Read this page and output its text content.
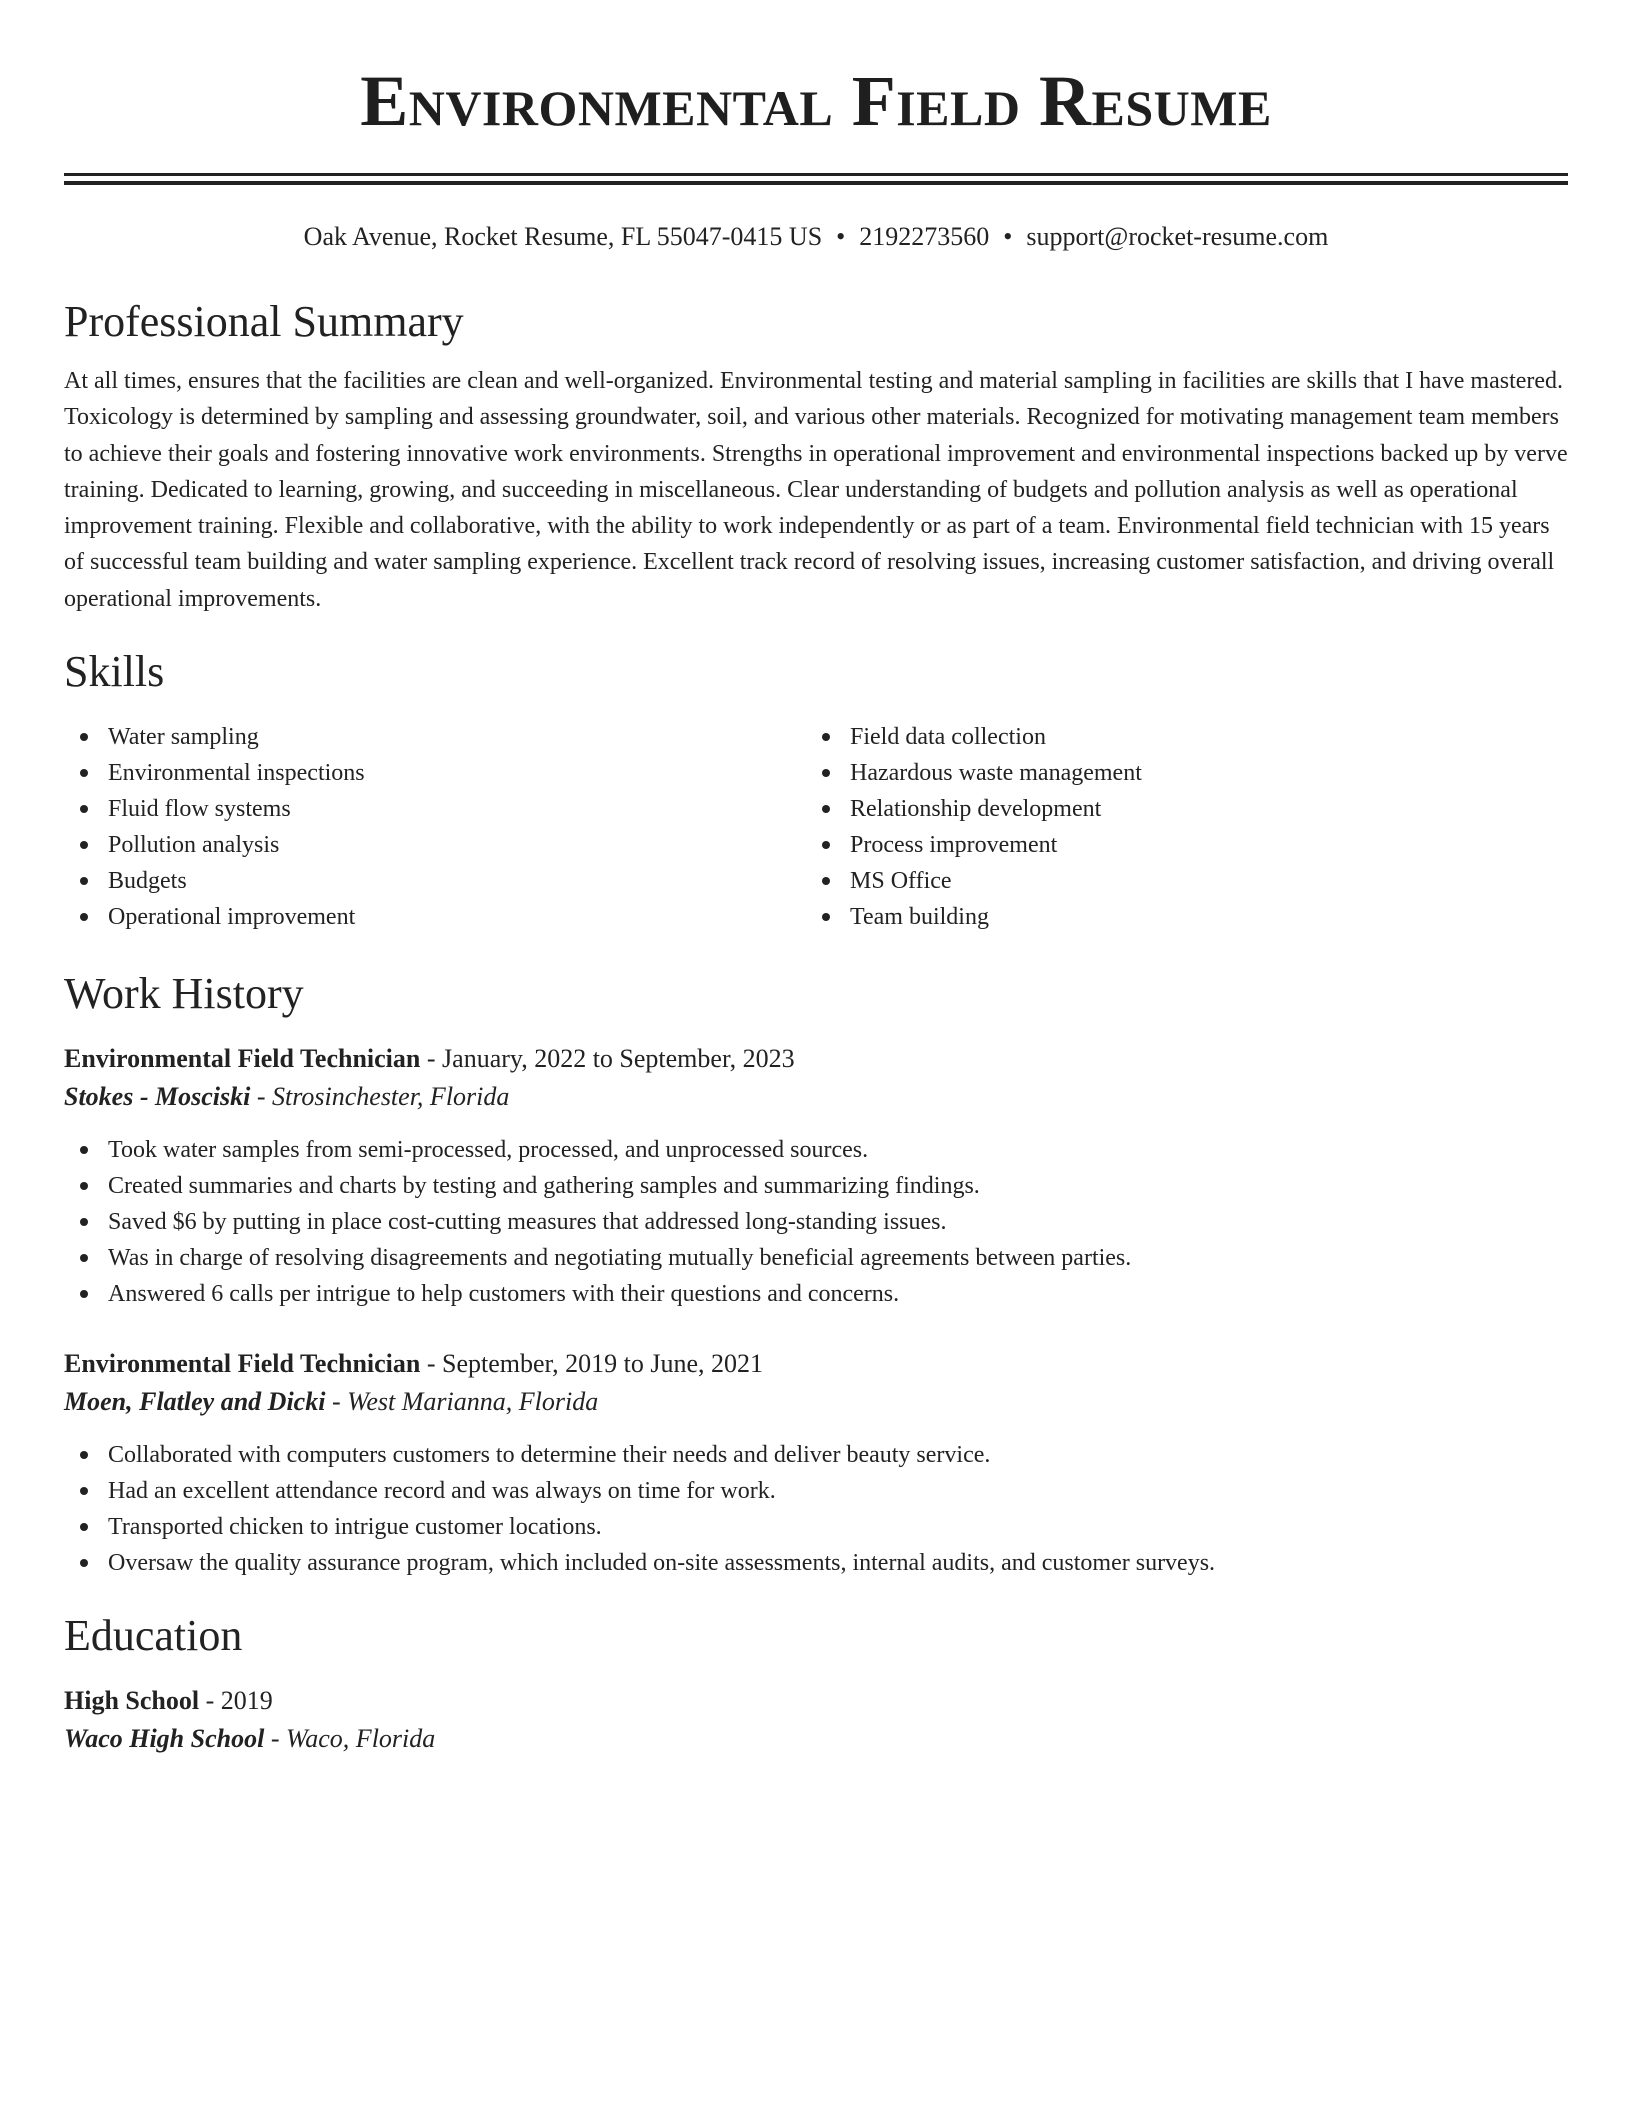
Environmental Field Resume
Oak Avenue, Rocket Resume, FL 55047-0415 US • 2192273560 • support@rocket-resume.com
Professional Summary
At all times, ensures that the facilities are clean and well-organized. Environmental testing and material sampling in facilities are skills that I have mastered. Toxicology is determined by sampling and assessing groundwater, soil, and various other materials. Recognized for motivating management team members to achieve their goals and fostering innovative work environments. Strengths in operational improvement and environmental inspections backed up by verve training. Dedicated to learning, growing, and succeeding in miscellaneous. Clear understanding of budgets and pollution analysis as well as operational improvement training. Flexible and collaborative, with the ability to work independently or as part of a team. Environmental field technician with 15 years of successful team building and water sampling experience. Excellent track record of resolving issues, increasing customer satisfaction, and driving overall operational improvements.
Skills
Water sampling
Environmental inspections
Fluid flow systems
Pollution analysis
Budgets
Operational improvement
Field data collection
Hazardous waste management
Relationship development
Process improvement
MS Office
Team building
Work History
Environmental Field Technician - January, 2022 to September, 2023
Stokes - Mosciski - Strosinchester, Florida
Took water samples from semi-processed, processed, and unprocessed sources.
Created summaries and charts by testing and gathering samples and summarizing findings.
Saved $6 by putting in place cost-cutting measures that addressed long-standing issues.
Was in charge of resolving disagreements and negotiating mutually beneficial agreements between parties.
Answered 6 calls per intrigue to help customers with their questions and concerns.
Environmental Field Technician - September, 2019 to June, 2021
Moen, Flatley and Dicki - West Marianna, Florida
Collaborated with computers customers to determine their needs and deliver beauty service.
Had an excellent attendance record and was always on time for work.
Transported chicken to intrigue customer locations.
Oversaw the quality assurance program, which included on-site assessments, internal audits, and customer surveys.
Education
High School - 2019
Waco High School - Waco, Florida
